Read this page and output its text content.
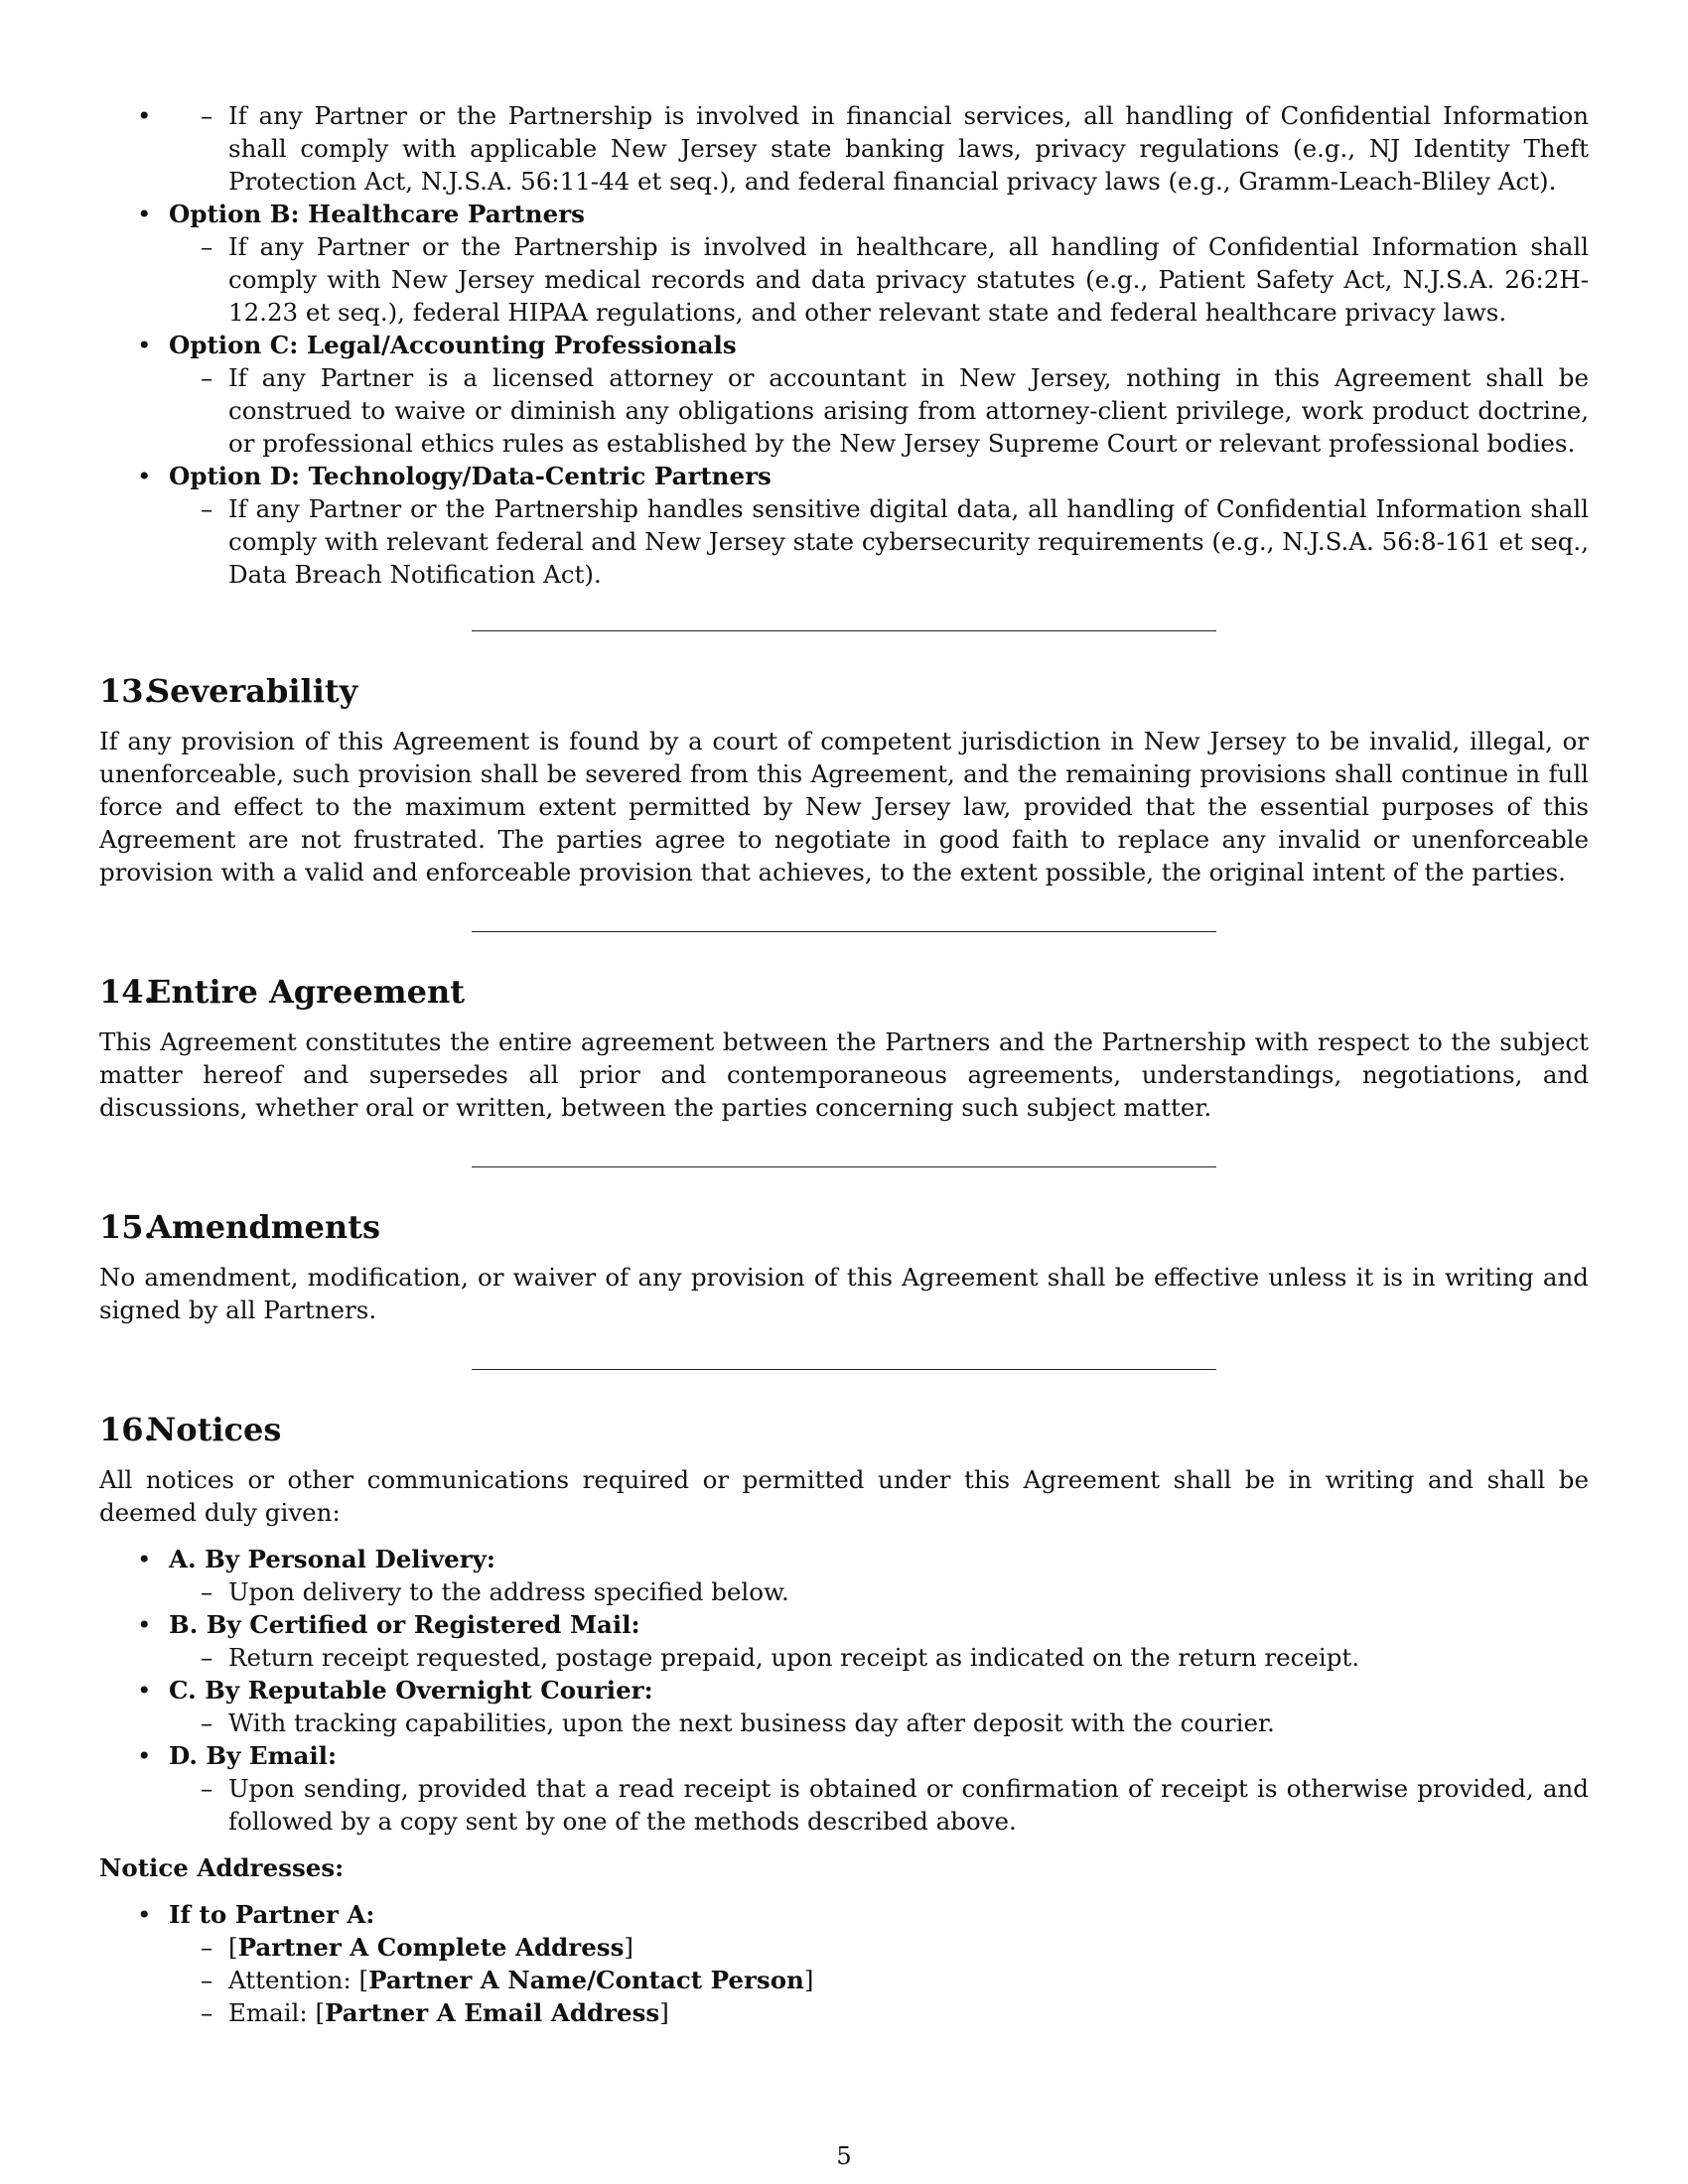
– • If any Partner or the Partnership is involved in financial services, all handling of Confidential Information shall comply with applicable New Jersey state banking laws, privacy regulations (e.g., NJ Identity Theft Protection Act, N.J.S.A. 56:11-44 et seq.), and federal financial privacy laws (e.g., Gramm-Leach-Bliley Act).
• Option B: Healthcare Partners
– If any Partner or the Partnership is involved in healthcare, all handling of Confidential Information shall comply with New Jersey medical records and data privacy statutes (e.g., Patient Safety Act, N.J.S.A. 26:2H-12.23 et seq.), federal HIPAA regulations, and other relevant state and federal healthcare privacy laws.
• Option C: Legal/Accounting Professionals
– If any Partner is a licensed attorney or accountant in New Jersey, nothing in this Agreement shall be construed to waive or diminish any obligations arising from attorney-client privilege, work product doctrine, or professional ethics rules as established by the New Jersey Supreme Court or relevant professional bodies.
• Option D: Technology/Data-Centric Partners
– If any Partner or the Partnership handles sensitive digital data, all handling of Confidential Information shall comply with relevant federal and New Jersey state cybersecurity requirements (e.g., N.J.S.A. 56:8-161 et seq., Data Breach Notification Act).
13.Severability

If any provision of this Agreement is found by a court of competent jurisdiction in New Jersey to be invalid, illegal, or unenforceable, such provision shall be severed from this Agreement, and the remaining provisions shall continue in full force and effect to the maximum extent permitted by New Jersey law, provided that the essential purposes of this Agreement are not frustrated. The parties agree to negotiate in good faith to replace any invalid or unenforceable provision with a valid and enforceable provision that achieves, to the extent possible, the original intent of the parties.

14.Entire Agreement

This Agreement constitutes the entire agreement between the Partners and the Partnership with respect to the subject matter hereof and supersedes all prior and contemporaneous agreements, understandings, negotiations, and discussions, whether oral or written, between the parties concerning such subject matter.

15.Amendments

No amendment, modification, or waiver of any provision of this Agreement shall be effective unless it is in writing and signed by all Partners.

16.Notices

All notices or other communications required or permitted under this Agreement shall be in writing and shall be deemed duly given:

• A. By Personal Delivery:
– Upon delivery to the address specified below.
• B. By Certified or Registered Mail:
– Return receipt requested, postage prepaid, upon receipt as indicated on the return receipt.
• C. By Reputable Overnight Courier:
– With tracking capabilities, upon the next business day after deposit with the courier.
• D. By Email:
– Upon sending, provided that a read receipt is obtained or confirmation of receipt is otherwise provided, and followed by a copy sent by one of the methods described above.

Notice Addresses:

• If to Partner A:
– [Partner A Complete Address]
– Attention: [Partner A Name/Contact Person]
– Email: [Partner A Email Address]
5
